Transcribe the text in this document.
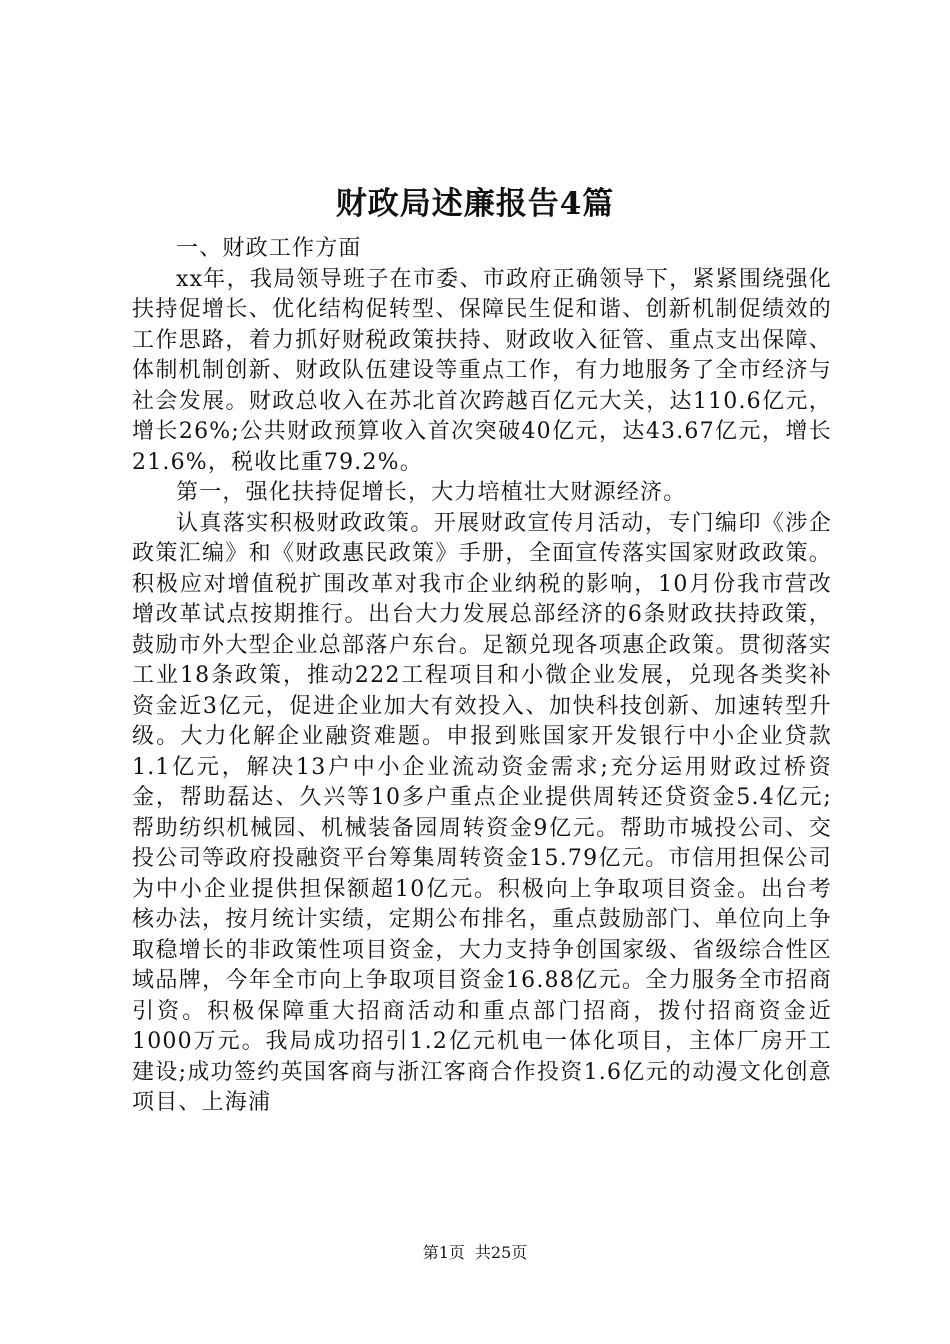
财政局述廉报告4篇

一、财政工作方面

xx年，我局领导班子在市委、市政府正确领导下，紧紧围绕强化扶持促增长、优化结构促转型、保障民生促和谐、创新机制促绩效的工作思路，着力抓好财税政策扶持、财政收入征管、重点支出保障、体制机制创新、财政队伍建设等重点工作，有力地服务了全市经济与社会发展。财政总收入在苏北首次跨越百亿元大关，达110.6亿元，增长26%;公共财政预算收入首次突破40亿元，达43.67亿元，增长21.6%，税收比重79.2%。

第一，强化扶持促增长，大力培植壮大财源经济。

认真落实积极财政政策。开展财政宣传月活动，专门编印《涉企政策汇编》和《财政惠民政策》手册，全面宣传落实国家财政政策。积极应对增值税扩围改革对我市企业纳税的影响，10月份我市营改增改革试点按期推行。出台大力发展总部经济的6条财政扶持政策，鼓励市外大型企业总部落户东台。足额兑现各项惠企政策。贯彻落实工业18条政策，推动222工程项目和小微企业发展，兑现各类奖补资金近3亿元，促进企业加大有效投入、加快科技创新、加速转型升级。大力化解企业融资难题。申报到账国家开发银行中小企业贷款1.1亿元，解决13户中小企业流动资金需求;充分运用财政过桥资金，帮助磊达、久兴等10多户重点企业提供周转还贷资金5.4亿元;帮助纺织机械园、机械装备园周转资金9亿元。帮助市城投公司、交投公司等政府投融资平台筹集周转资金15.79亿元。市信用担保公司为中小企业提供担保额超10亿元。积极向上争取项目资金。出台考核办法，按月统计实绩，定期公布排名，重点鼓励部门、单位向上争取稳增长的非政策性项目资金，大力支持争创国家级、省级综合性区域品牌，今年全市向上争取项目资金16.88亿元。全力服务全市招商引资。积极保障重大招商活动和重点部门招商，拨付招商资金近1000万元。我局成功招引1.2亿元机电一体化项目，主体厂房开工建设;成功签约英国客商与浙江客商合作投资1.6亿元的动漫文化创意项目、上海浦

第1页 共25页
